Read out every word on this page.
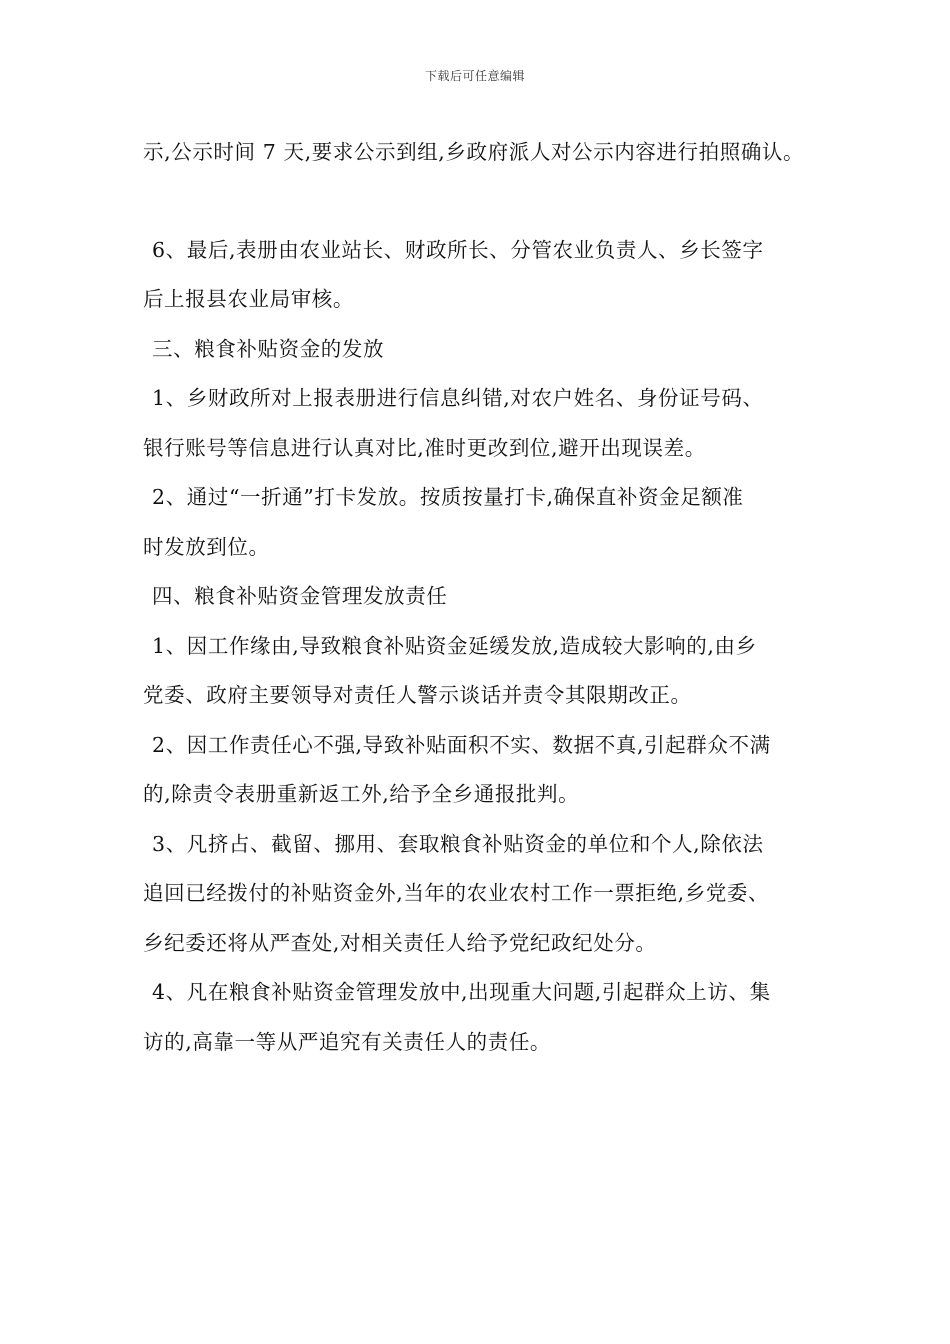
下载后可任意编辑
示,公示时间 7 天,要求公示到组,乡政府派人对公示内容进行拍照确认。
6、最后,表册由农业站长、财政所长、分管农业负责人、乡长签字
后上报县农业局审核。
三、粮食补贴资金的发放
1、乡财政所对上报表册进行信息纠错,对农户姓名、身份证号码、
银行账号等信息进行认真对比,准时更改到位,避开出现误差。
2、通过“一折通”打卡发放。按质按量打卡,确保直补资金足额准
时发放到位。
四、粮食补贴资金管理发放责任
1、因工作缘由,导致粮食补贴资金延缓发放,造成较大影响的,由乡
党委、政府主要领导对责任人警示谈话并责令其限期改正。
2、因工作责任心不强,导致补贴面积不实、数据不真,引起群众不满
的,除责令表册重新返工外,给予全乡通报批判。
3、凡挤占、截留、挪用、套取粮食补贴资金的单位和个人,除依法
追回已经拨付的补贴资金外,当年的农业农村工作一票拒绝,乡党委、
乡纪委还将从严查处,对相关责任人给予党纪政纪处分。
4、凡在粮食补贴资金管理发放中,出现重大问题,引起群众上访、集
访的,高靠一等从严追究有关责任人的责任。
